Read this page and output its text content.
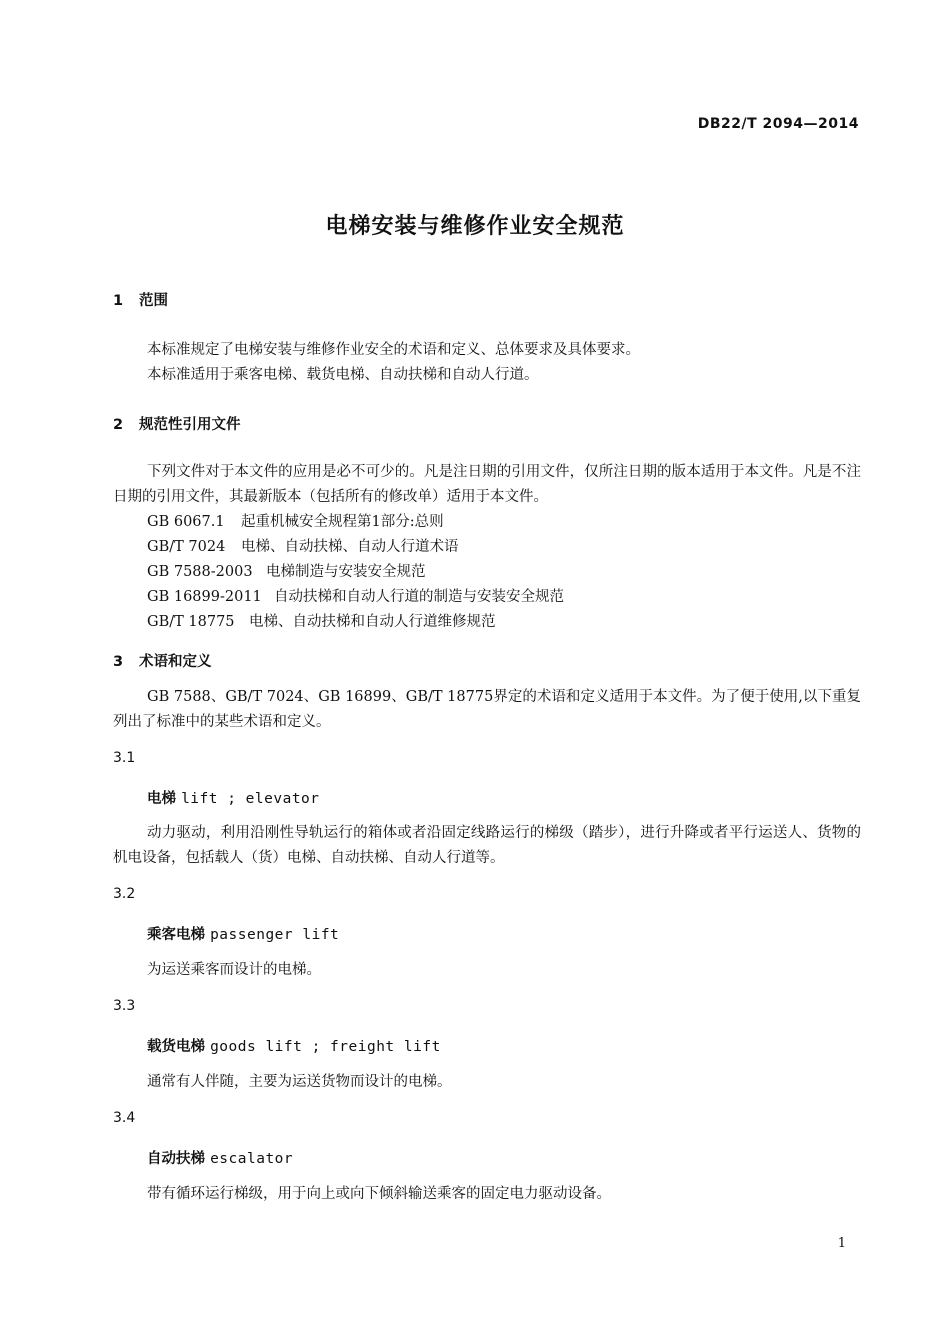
DB22/T 2094—2014
电梯安装与维修作业安全规范
1 范围
本标准规定了电梯安装与维修作业安全的术语和定义、总体要求及具体要求。
本标准适用于乘客电梯、载货电梯、自动扶梯和自动人行道。
2 规范性引用文件
下列文件对于本文件的应用是必不可少的。凡是注日期的引用文件，仅所注日期的版本适用于本文件。凡是不注日期的引用文件，其最新版本（包括所有的修改单）适用于本文件。
GB 6067.1 起重机械安全规程第1部分:总则
GB/T 7024 电梯、自动扶梯、自动人行道术语
GB 7588-2003 电梯制造与安装安全规范
GB 16899-2011 自动扶梯和自动人行道的制造与安装安全规范
GB/T 18775 电梯、自动扶梯和自动人行道维修规范
3 术语和定义
GB 7588、GB/T 7024、GB 16899、GB/T 18775界定的术语和定义适用于本文件。为了便于使用,以下重复列出了标准中的某些术语和定义。
3.1
电梯 lift ; elevator
动力驱动，利用沿刚性导轨运行的箱体或者沿固定线路运行的梯级（踏步），进行升降或者平行运送人、货物的机电设备，包括载人（货）电梯、自动扶梯、自动人行道等。
3.2
乘客电梯 passenger lift
为运送乘客而设计的电梯。
3.3
载货电梯 goods lift ; freight lift
通常有人伴随，主要为运送货物而设计的电梯。
3.4
自动扶梯 escalator
带有循环运行梯级，用于向上或向下倾斜输送乘客的固定电力驱动设备。
1
